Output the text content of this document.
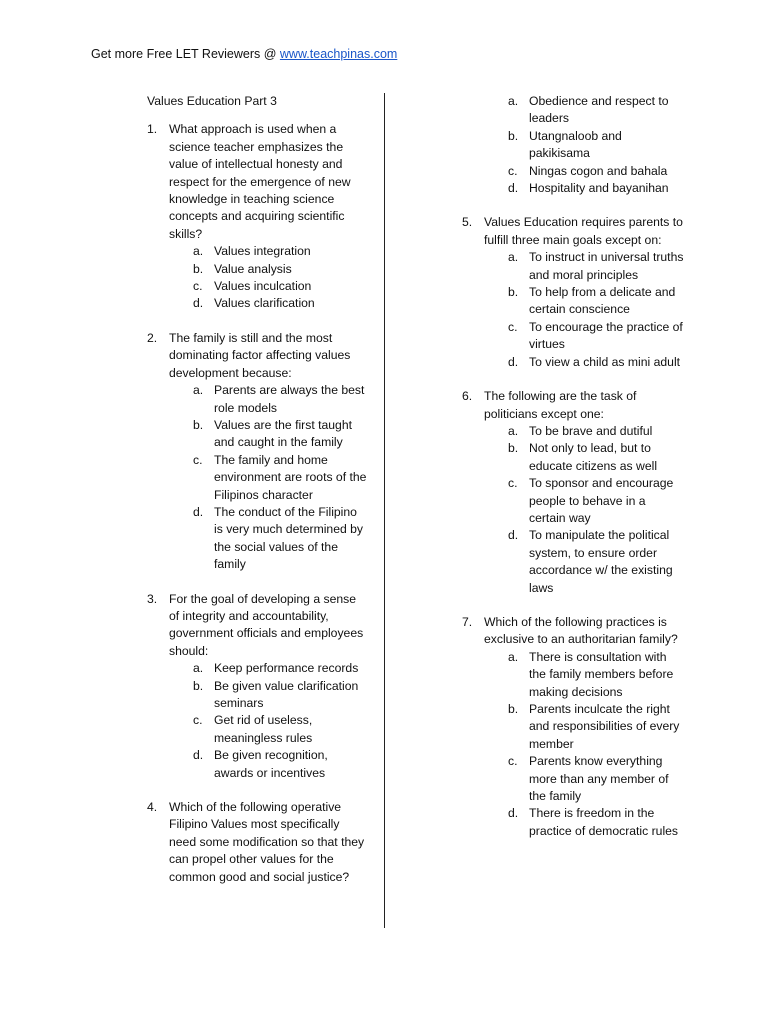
Get more Free LET Reviewers @ www.teachpinas.com
Values Education Part 3
1. What approach is used when a science teacher emphasizes the value of intellectual honesty and respect for the emergence of new knowledge in teaching science concepts and acquiring scientific skills?
a. Values integration
b. Value analysis
c. Values inculcation
d. Values clarification
2. The family is still and the most dominating factor affecting values development because:
a. Parents are always the best role models
b. Values are the first taught and caught in the family
c. The family and home environment are roots of the Filipinos character
d. The conduct of the Filipino is very much determined by the social values of the family
3. For the goal of developing a sense of integrity and accountability, government officials and employees should:
a. Keep performance records
b. Be given value clarification seminars
c. Get rid of useless, meaningless rules
d. Be given recognition, awards or incentives
4. Which of the following operative Filipino Values most specifically need some modification so that they can propel other values for the common good and social justice?
a. Obedience and respect to leaders
b. Utangnaloob and pakikisama
c. Ningas cogon and bahala
d. Hospitality and bayanihan
5. Values Education requires parents to fulfill three main goals except on:
a. To instruct in universal truths and moral principles
b. To help from a delicate and certain conscience
c. To encourage the practice of virtues
d. To view a child as mini adult
6. The following are the task of politicians except one:
a. To be brave and dutiful
b. Not only to lead, but to educate citizens as well
c. To sponsor and encourage people to behave in a certain way
d. To manipulate the political system, to ensure order accordance w/ the existing laws
7. Which of the following practices is exclusive to an authoritarian family?
a. There is consultation with the family members before making decisions
b. Parents inculcate the right and responsibilities of every member
c. Parents know everything more than any member of the family
d. There is freedom in the practice of democratic rules
